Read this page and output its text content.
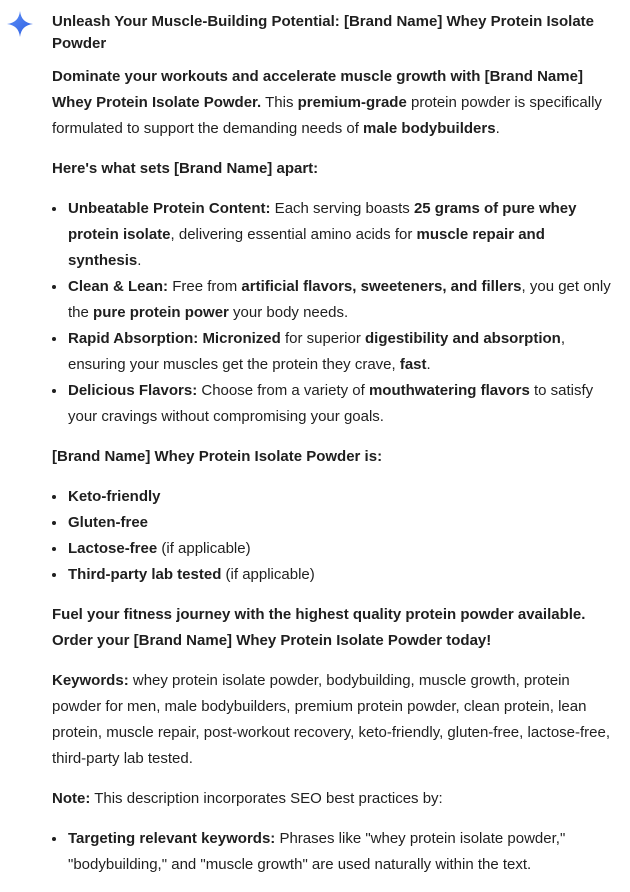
Unleash Your Muscle-Building Potential: [Brand Name] Whey Protein Isolate Powder

Dominate your workouts and accelerate muscle growth with [Brand Name] Whey Protein Isolate Powder. This premium-grade protein powder is specifically formulated to support the demanding needs of male bodybuilders.

Here's what sets [Brand Name] apart:

Unbeatable Protein Content: Each serving boasts 25 grams of pure whey protein isolate, delivering essential amino acids for muscle repair and synthesis.
Clean & Lean: Free from artificial flavors, sweeteners, and fillers, you get only the pure protein power your body needs.
Rapid Absorption: Micronized for superior digestibility and absorption, ensuring your muscles get the protein they crave, fast.
Delicious Flavors: Choose from a variety of mouthwatering flavors to satisfy your cravings without compromising your goals.

[Brand Name] Whey Protein Isolate Powder is:

Keto-friendly
Gluten-free
Lactose-free (if applicable)
Third-party lab tested (if applicable)

Fuel your fitness journey with the highest quality protein powder available. Order your [Brand Name] Whey Protein Isolate Powder today!

Keywords: whey protein isolate powder, bodybuilding, muscle growth, protein powder for men, male bodybuilders, premium protein powder, clean protein, lean protein, muscle repair, post-workout recovery, keto-friendly, gluten-free, lactose-free, third-party lab tested.

Note: This description incorporates SEO best practices by:

Targeting relevant keywords: Phrases like "whey protein isolate powder," "bodybuilding," and "muscle growth" are used naturally within the text.
